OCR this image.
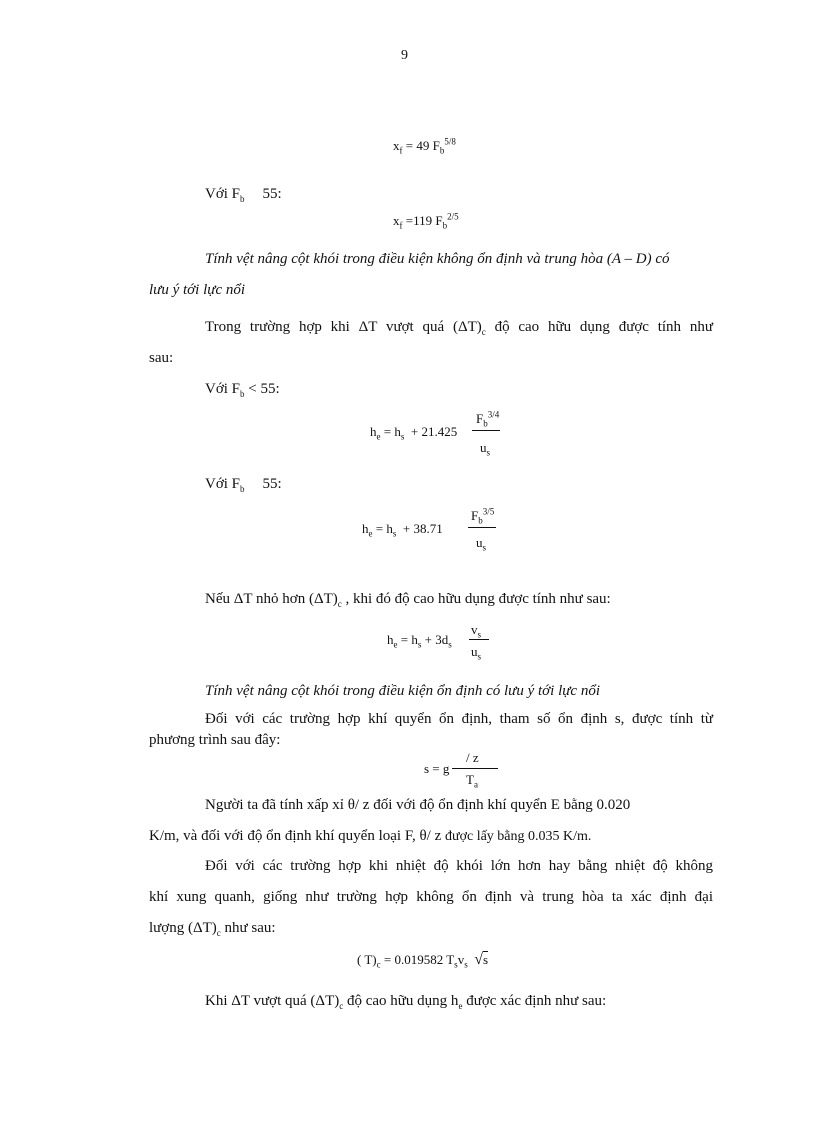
9
$x_f = 49$ $F_b^{5/8}$
Với $F_b$ 55:
$x_f =119$ $F_b^{2/5}$
Tính vệt nâng cột khói trong điều kiện không ổn định và trung hòa (A – D) có
lưu ý tới lực nổi
Trong trường hợp khi ΔT vượt quá $(\Delta T)_c$ độ cao hữu dụng được tính như
sau:
Với $F_b < 55$:
$h_e = h_s + 21.425$
$F_b^{3/4}$
$u_s$
Với $F_b$ 55:
$h_e = h_s + 38.71$
$F_b^{3/5}$
$u_s$
Nếu ΔT nhỏ hơn $(\Delta T)_c$ , khi đó độ cao hữu dụng được tính như sau:
$h_e = h_s + 3d_s$
$v_s$
$u_s$
Tính vệt nâng cột khói trong điều kiện ổn định có lưu ý tới lực nổi
Đối với các trường hợp khí quyển ổn định, tham số ổn định s, được tính từ
phương trình sau đây:
s = g
/ z
$T_a$
Người ta đã tính xấp xỉ θ/ z đối với độ ổn định khí quyển E bằng 0.020
K/m, và đối với độ ổn định khí quyển loại F, θ/ z được lấy bằng 0.035 K/m.
Đối với các trường hợp khi nhiệt độ khói lớn hơn hay bằng nhiệt độ không
khí xung quanh, giống như trường hợp không ổn định và trung hòa ta xác định đại
lượng $(\Delta T)_c$ như sau:
( $T)_c = 0.019582$ $T_sv_s$ √s
Khi ΔT vượt quá $(\Delta T)_c$ độ cao hữu dụng $h_e$ được xác định như sau:
